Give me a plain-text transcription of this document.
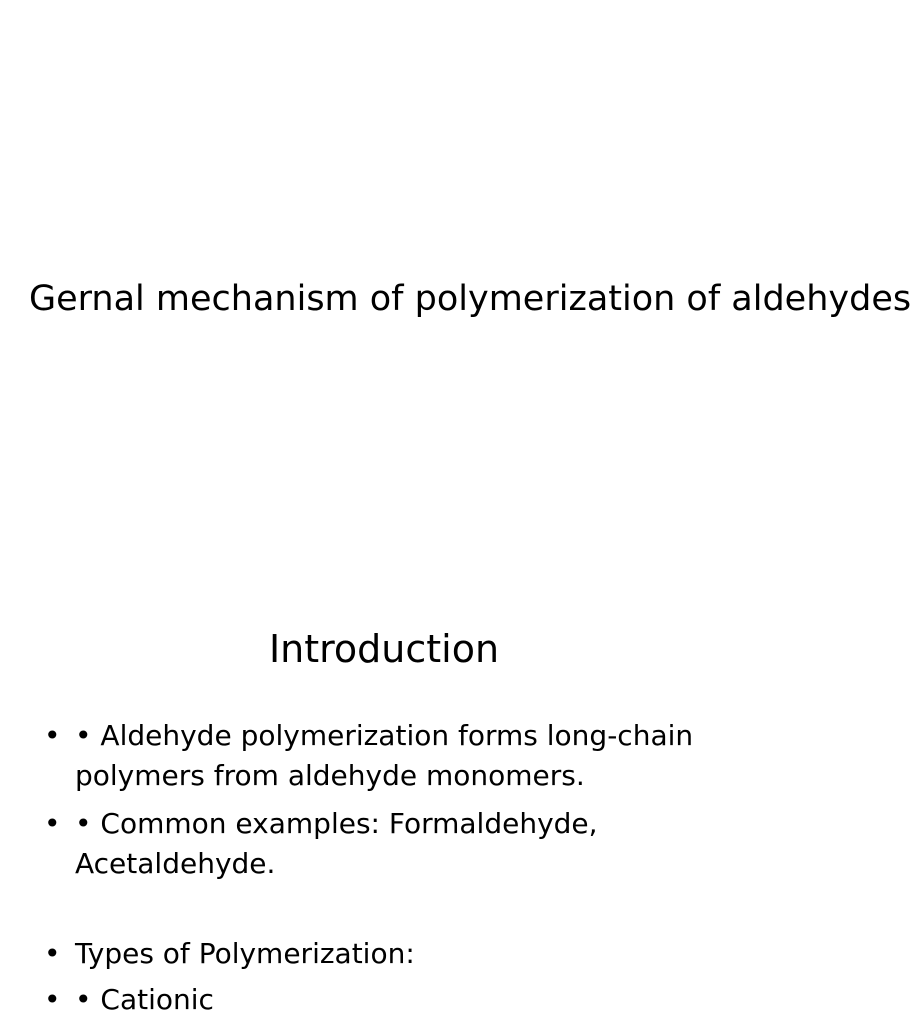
Gernal mechanism of polymerization of aldehydes
Introduction
• • Aldehyde polymerization forms long-chain polymers from aldehyde monomers.
• • Common examples: Formaldehyde, Acetaldehyde.
• Types of Polymerization:
• • Cationic
